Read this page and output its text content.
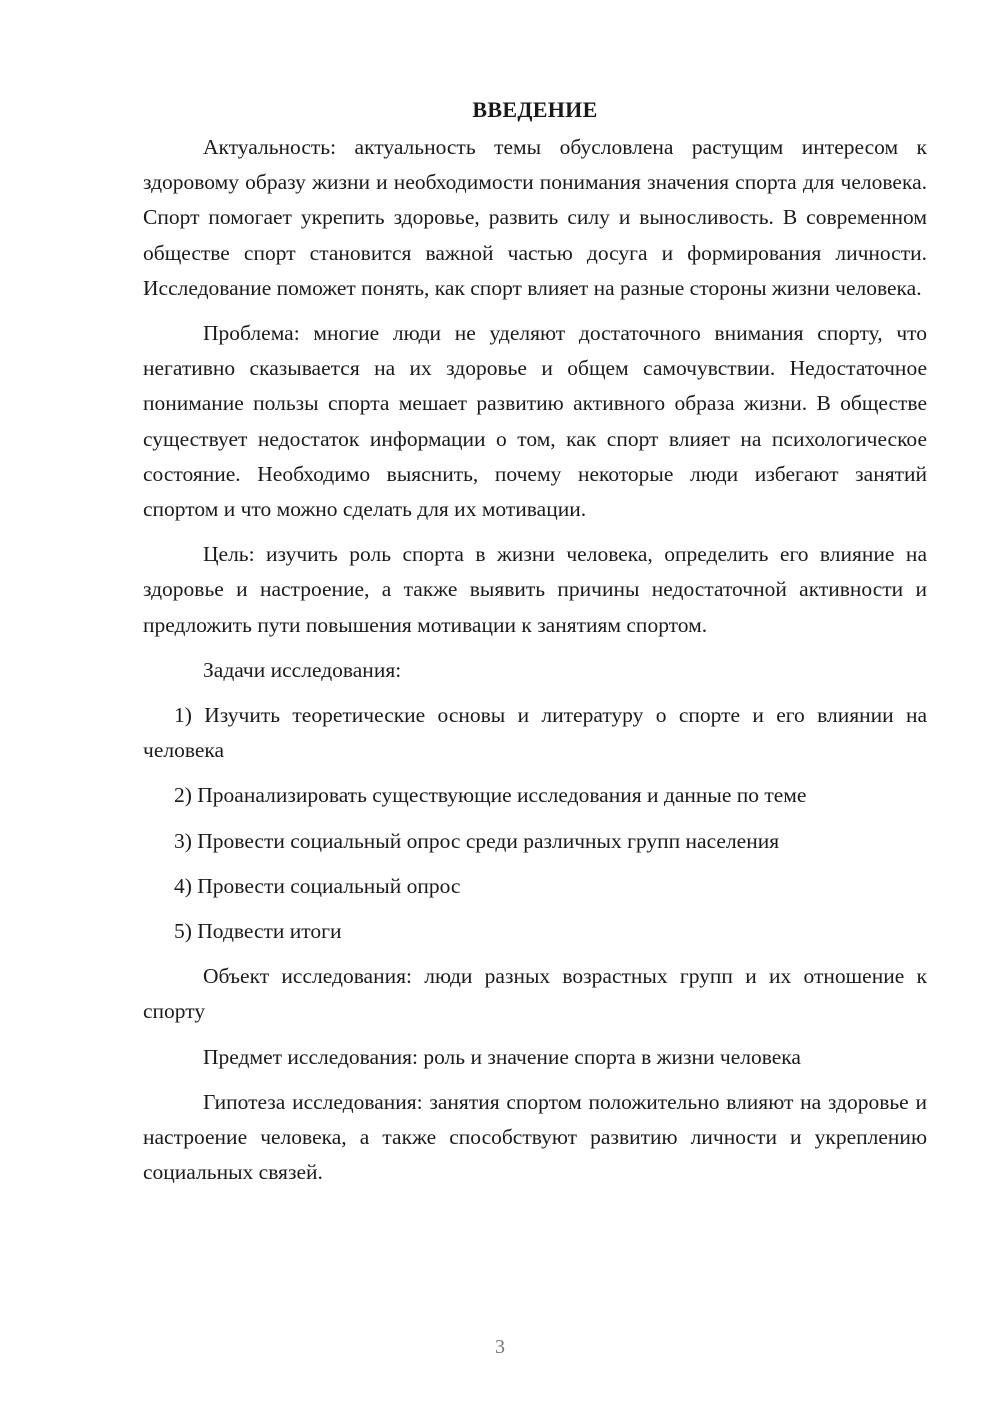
ВВЕДЕНИЕ

Актуальность: актуальность темы обусловлена растущим интересом к здоровому образу жизни и необходимости понимания значения спорта для человека. Спорт помогает укрепить здоровье, развить силу и выносливость. В современном обществе спорт становится важной частью досуга и формирования личности. Исследование поможет понять, как спорт влияет на разные стороны жизни человека.

Проблема: многие люди не уделяют достаточного внимания спорту, что негативно сказывается на их здоровье и общем самочувствии. Недостаточное понимание пользы спорта мешает развитию активного образа жизни. В обществе существует недостаток информации о том, как спорт влияет на психологическое состояние. Необходимо выяснить, почему некоторые люди избегают занятий спортом и что можно сделать для их мотивации.

Цель: изучить роль спорта в жизни человека, определить его влияние на здоровье и настроение, а также выявить причины недостаточной активности и предложить пути повышения мотивации к занятиям спортом.

Задачи исследования:

1) Изучить теоретические основы и литературу о спорте и его влиянии на человека

2) Проанализировать существующие исследования и данные по теме

3) Провести социальный опрос среди различных групп населения

4) Провести социальный опрос

5) Подвести итоги

Объект исследования: люди разных возрастных групп и их отношение к спорту

Предмет исследования: роль и значение спорта в жизни человека

Гипотеза исследования: занятия спортом положительно влияют на здоровье и настроение человека, а также способствуют развитию личности и укреплению социальных связей.

3
